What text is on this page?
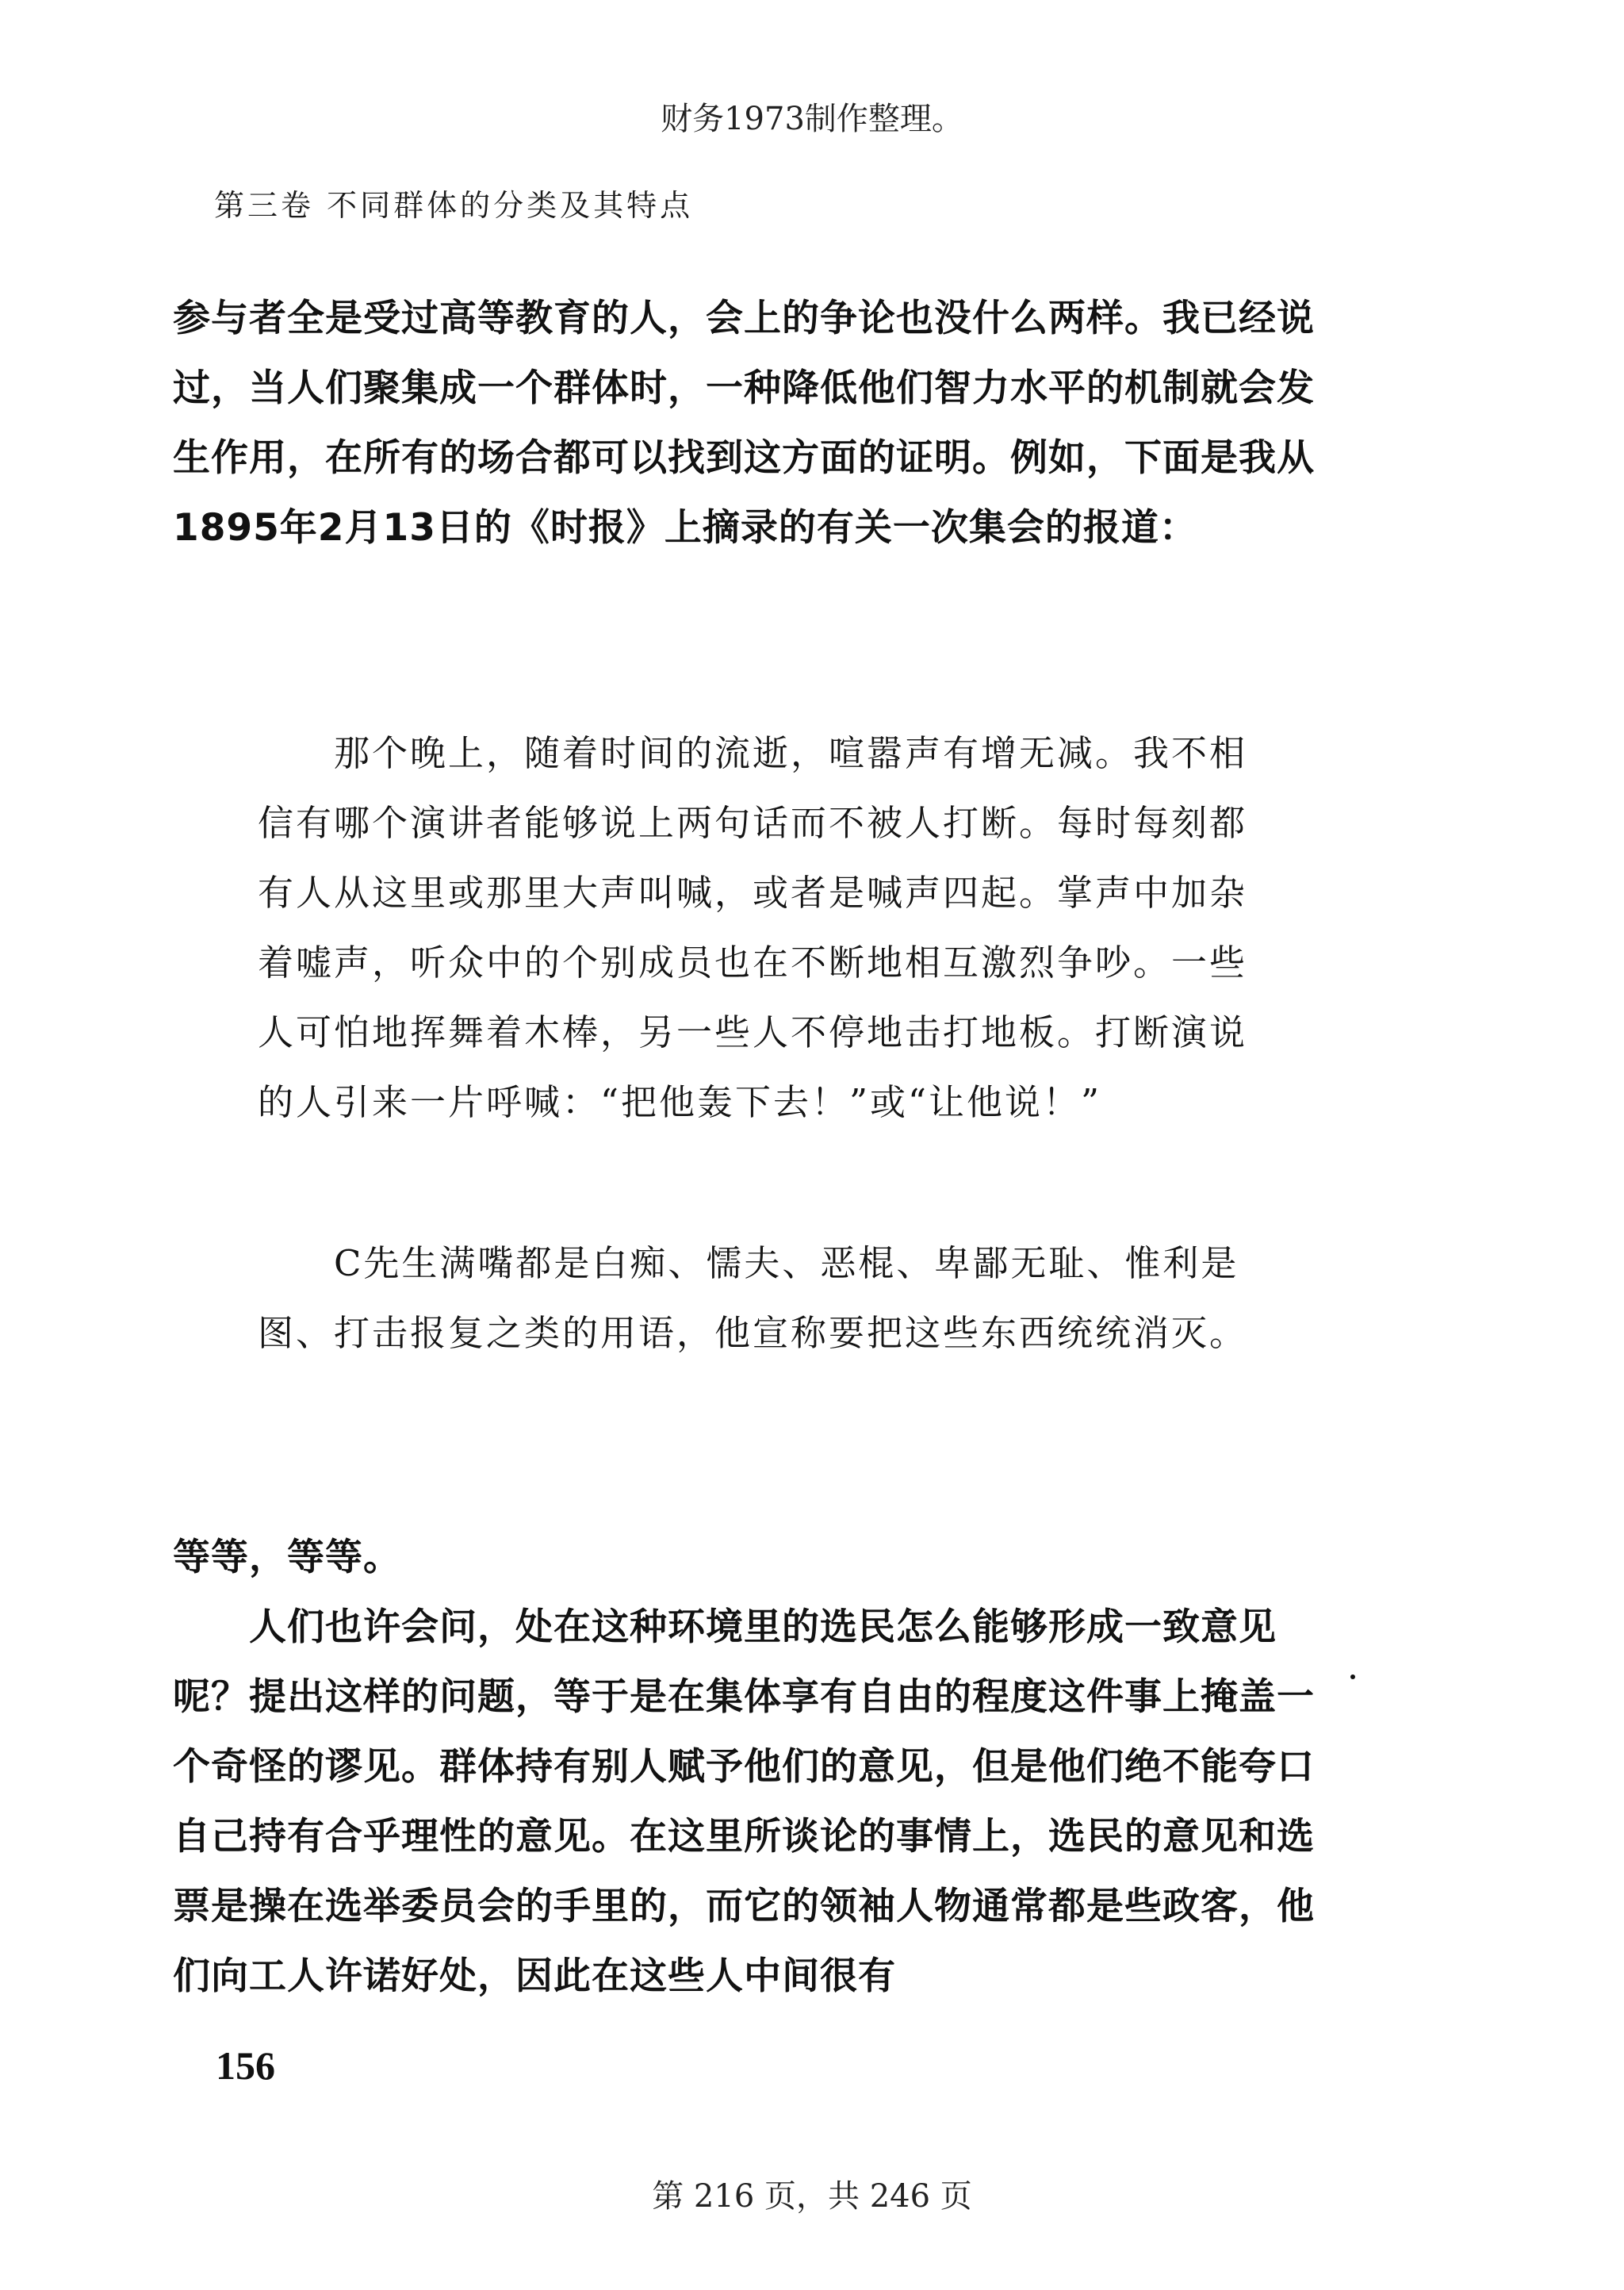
财务1973制作整理。
第三卷 不同群体的分类及其特点

参与者全是受过高等教育的人，会上的争论也没什么两样。我已经说过，当人们聚集成一个群体时，一种降低他们智力水平的机制就会发生作用，在所有的场合都可以找到这方面的证明。例如，下面是我从1895年2月13日的《时报》上摘录的有关一次集会的报道：

那个晚上，随着时间的流逝，喧嚣声有增无减。我不相信有哪个演讲者能够说上两句话而不被人打断。每时每刻都有人从这里或那里大声叫喊，或者是喊声四起。掌声中加杂着嘘声，听众中的个别成员也在不断地相互激烈争吵。一些人可怕地挥舞着木棒，另一些人不停地击打地板。打断演说的人引来一片呼喊：“把他轰下去！”或“让他说！”

C先生满嘴都是白痴、懦夫、恶棍、卑鄙无耻、惟利是图、打击报复之类的用语，他宣称要把这些东西统统消灭。

等等，等等。

人们也许会问，处在这种环境里的选民怎么能够形成一致意见呢？提出这样的问题，等于是在集体享有自由的程度这件事上掩盖一个奇怪的谬见。群体持有别人赋予他们的意见，但是他们绝不能夸口自己持有合乎理性的意见。在这里所谈论的事情上，选民的意见和选票是操在选举委员会的手里的，而它的领袖人物通常都是些政客，他们向工人许诺好处，因此在这些人中间很有

156
第 216 页，共 246 页
